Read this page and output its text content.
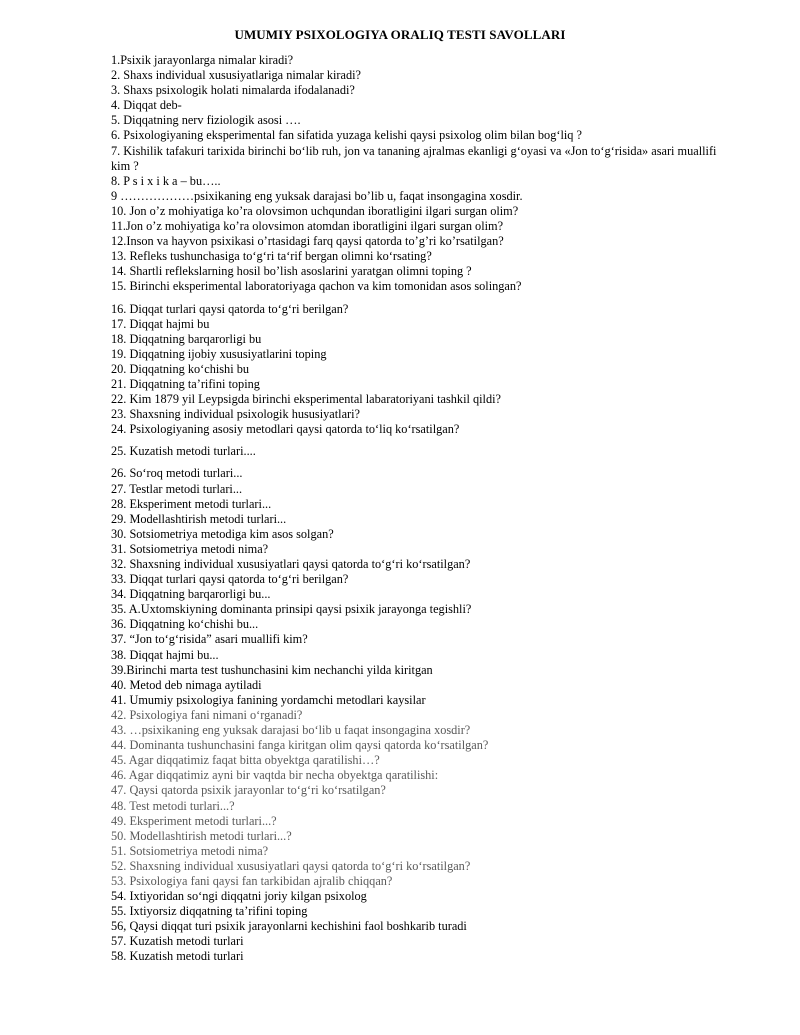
UMUMIY PSIXOLOGIYA ORALIQ TESTI SAVOLLARI

1.Psixik jarayonlarga nimalar kiradi?

2. Shaxs individual xususiyatlariga nimalar kiradi?

3. Shaxs psixologik holati nimalarda ifodalanadi?

4. Diqqat deb-

5. Diqqatning nerv fiziologik asosi ….

6. Psixologiyaning eksperimental fan sifatida yuzaga kelishi qaysi psixolog olim bilan bog‘liq ?

7. Kishilik tafakuri tarixida birinchi bo‘lib ruh, jon va tananing ajralmas ekanligi g‘oyasi va «Jon to‘g‘risida» asari muallifi kim ?

8. P s i x i k a – bu…..

9 ………………psixikaning eng yuksak darajasi bo’lib u, faqat insongagina xosdir.

10. Jon o’z mohiyatiga ko’ra olovsimon uchqundan iboratligini ilgari surgan olim?

11.Jon o’z mohiyatiga ko’ra olovsimon atomdan iboratligini ilgari surgan olim?

12.Inson va hayvon psixikasi o’rtasidagi farq qaysi qatorda to’g’ri ko’rsatilgan?

13. Refleks tushunchasiga to‘g‘ri ta‘rif bergan olimni ko‘rsating?

14. Shartli reflekslarning hosil bo’lish asoslarini yaratgan olimni toping ?

15. Birinchi eksperimental laboratoriyaga qachon va kim tomonidan asos solingan?

16. Diqqat turlari qaysi qatorda to‘g‘ri berilgan?

17. Diqqat hajmi bu

18. Diqqatning barqarorligi bu

19. Diqqatning ijobiy xususiyatlarini toping

20. Diqqatning ko‘chishi bu

21. Diqqatning ta’rifini toping

22. Kim 1879 yil Leypsigda birinchi eksperimental labaratoriyani tashkil qildi?

23. Shaxsning individual psixologik hususiyatlari?

24. Psixologiyaning asosiy metodlari qaysi qatorda to‘liq ko‘rsatilgan?

25. Kuzatish metodi turlari....

26. So‘roq metodi turlari...

27. Testlar metodi turlari...

28. Eksperiment metodi turlari...

29. Modellashtirish metodi turlari...

30. Sotsiometriya metodiga kim asos solgan?

31. Sotsiometriya metodi nima?

32. Shaxsning individual xususiyatlari qaysi qatorda to‘g‘ri ko‘rsatilgan?

33. Diqqat turlari qaysi qatorda to‘g‘ri berilgan?

34. Diqqatning barqarorligi bu...

35. A.Uxtomskiyning dominanta prinsipi qaysi psixik jarayonga tegishli?

36. Diqqatning ko‘chishi bu...

37. “Jon to‘g‘risida” asari muallifi kim?

38. Diqqat hajmi bu...

39.Birinchi marta test tushunchasini kim nechanchi yilda kiritgan

40. Metod deb nimaga aytiladi

41. Umumiy psixologiya fanining yordamchi metodlari kaysilar

42. Psixologiya fani nimani o‘rganadi?

43. …psixikaning eng yuksak darajasi bo‘lib u faqat insongagina xosdir?

44. Dominanta tushunchasini fanga kiritgan olim qaysi qatorda ko‘rsatilgan?

45. Agar diqqatimiz faqat bitta obyektga qaratilishi…?

46. Agar diqqatimiz ayni bir vaqtda bir necha obyektga qaratilishi:

47. Qaysi qatorda psixik jarayonlar to‘g‘ri ko‘rsatilgan?

48. Test metodi turlari...?

49. Eksperiment metodi turlari...?

50. Modellashtirish metodi turlari...?

51. Sotsiometriya metodi nima?

52. Shaxsning individual xususiyatlari qaysi qatorda to‘g‘ri ko‘rsatilgan?

53. Psixologiya fani qaysi fan tarkibidan ajralib chiqqan?

54. Ixtiyoridan so‘ngi diqqatni joriy kilgan psixolog

55. Ixtiyorsiz diqqatning ta’rifini toping

56, Qaysi diqqat turi psixik jarayonlarni kechishini faol boshkarib turadi

57. Kuzatish metodi turlari

58. Kuzatish metodi turlari
